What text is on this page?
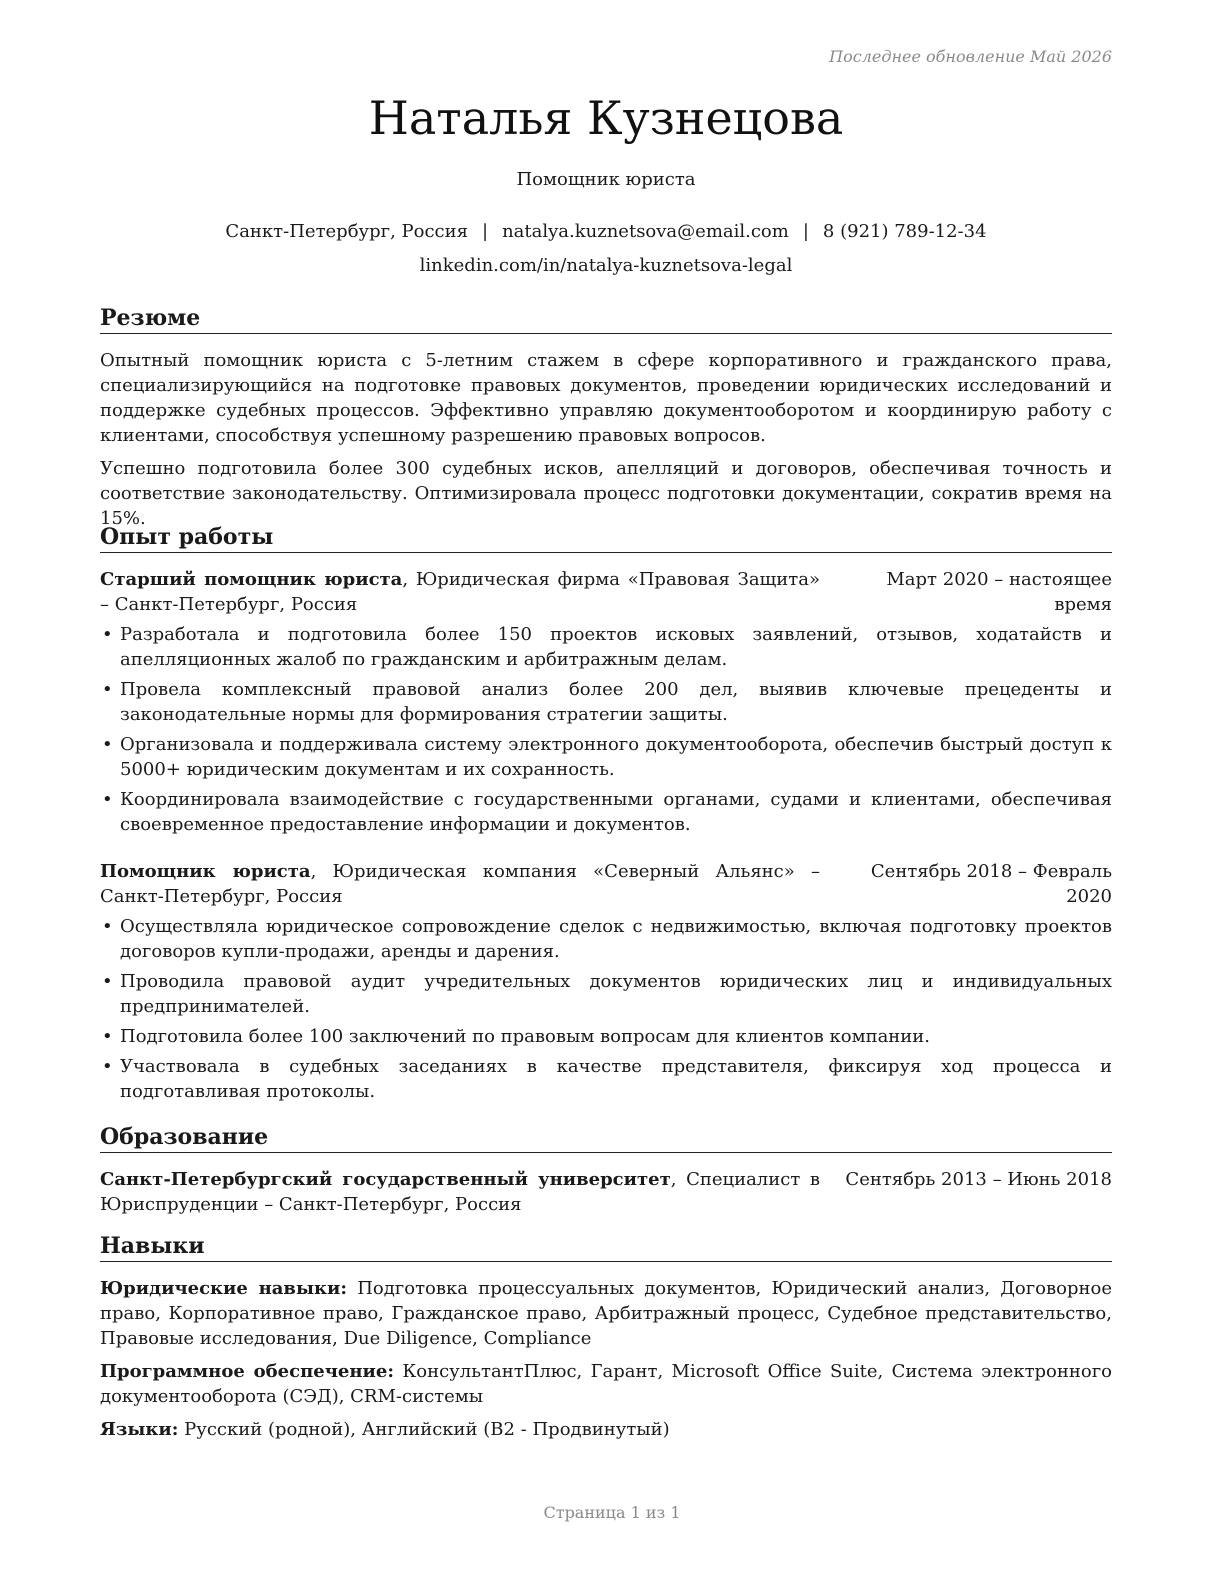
Последнее обновление Май 2026
Наталья Кузнецова
Помощник юриста
Санкт-Петербург, Россия | natalya.kuznetsova@email.com | 8 (921) 789-12-34
linkedin.com/in/natalya-kuznetsova-legal
Резюме

Опытный помощник юриста с 5-летним стажем в сфере корпоративного и гражданского права, специализирующийся на подготовке правовых документов, проведении юридических исследований и поддержке судебных процессов. Эффективно управляю документооборотом и координирую работу с клиентами, способствуя успешному разрешению правовых вопросов.

Успешно подготовила более 300 судебных исков, апелляций и договоров, обеспечивая точность и соответствие законодательству. Оптимизировала процесс подготовки документации, сократив время на 15%.

Опыт работы
Старший помощник юриста, Юридическая фирма «Правовая Защита» – Санкт-Петербург, Россия
Март 2020 – настоящее время
• Разработала и подготовила более 150 проектов исковых заявлений, отзывов, ходатайств и апелляционных жалоб по гражданским и арбитражным делам.
• Провела комплексный правовой анализ более 200 дел, выявив ключевые прецеденты и законодательные нормы для формирования стратегии защиты.
• Организовала и поддерживала систему электронного документооборота, обеспечив быстрый доступ к 5000+ юридическим документам и их сохранность.
• Координировала взаимодействие с государственными органами, судами и клиентами, обеспечивая своевременное предоставление информации и документов.
Помощник юриста, Юридическая компания «Северный Альянс» – Санкт-Петербург, Россия
Сентябрь 2018 – Февраль 2020
• Осуществляла юридическое сопровождение сделок с недвижимостью, включая подготовку проектов договоров купли-продажи, аренды и дарения.
• Проводила правовой аудит учредительных документов юридических лиц и индивидуальных предпринимателей.
• Подготовила более 100 заключений по правовым вопросам для клиентов компании.
• Участвовала в судебных заседаниях в качестве представителя, фиксируя ход процесса и подготавливая протоколы.
Образование
Санкт-Петербургский государственный университет, Специалист в Юриспруденции – Санкт-Петербург, Россия
Сентябрь 2013 – Июнь 2018
Навыки
Юридические навыки: Подготовка процессуальных документов, Юридический анализ, Договорное право, Корпоративное право, Гражданское право, Арбитражный процесс, Судебное представительство, Правовые исследования, Due Diligence, Compliance
Программное обеспечение: КонсультантПлюс, Гарант, Microsoft Office Suite, Система электронного документооборота (СЭД), CRM-системы
Языки: Русский (родной), Английский (B2 - Продвинутый)
Страница 1 из 1
